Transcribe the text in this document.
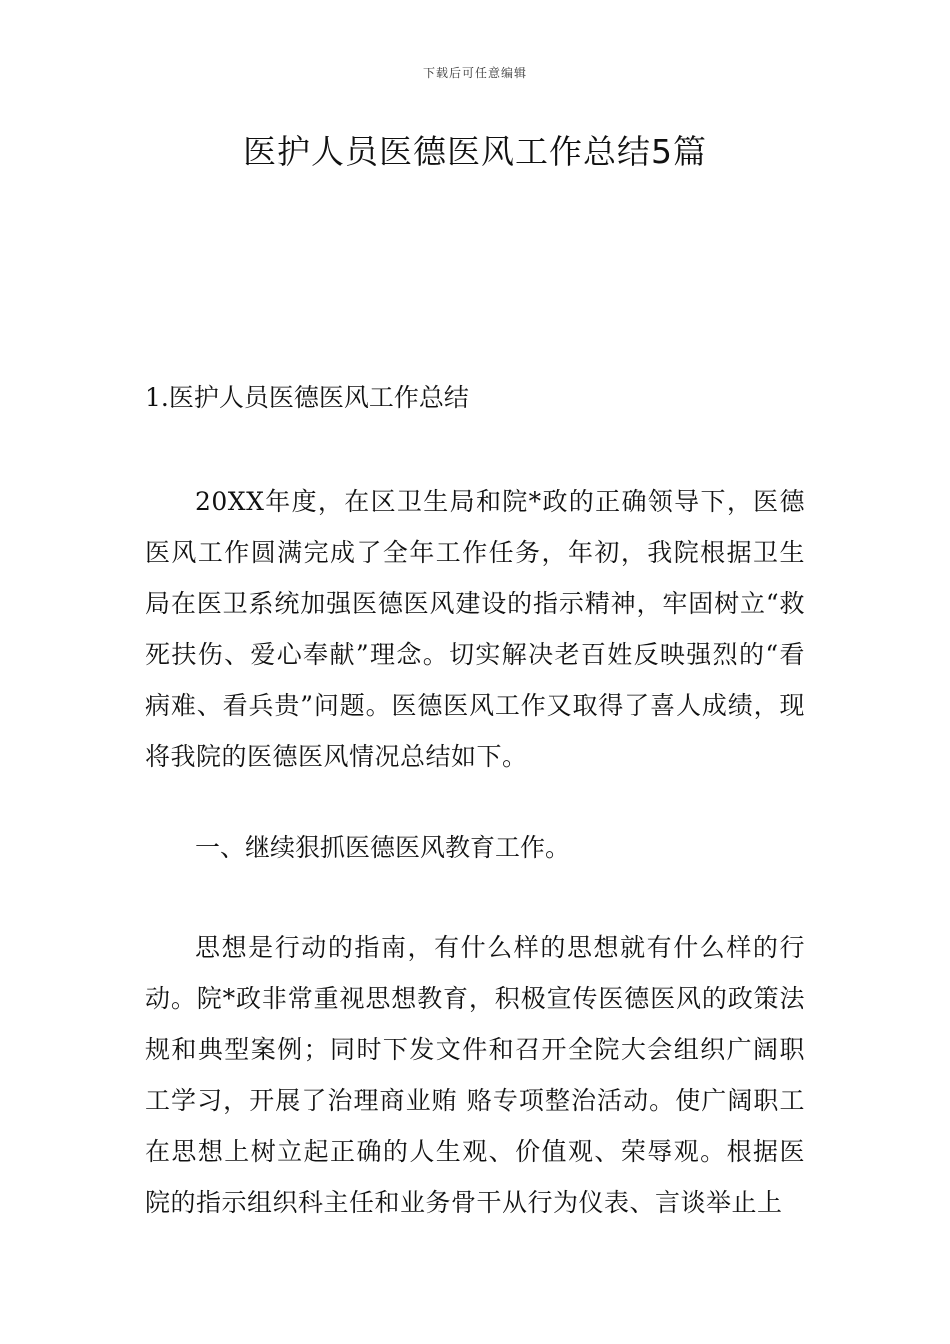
下载后可任意编辑
医护人员医德医风工作总结5篇

1.医护人员医德医风工作总结

20XX年度，在区卫生局和院*政的正确领导下，医德医风工作圆满完成了全年工作任务，年初，我院根据卫生局在医卫系统加强医德医风建设的指示精神，牢固树立“救死扶伤、爱心奉献”理念。切实解决老百姓反映强烈的“看病难、看兵贵”问题。医德医风工作又取得了喜人成绩，现将我院的医德医风情况总结如下。

一、继续狠抓医德医风教育工作。

思想是行动的指南，有什么样的思想就有什么样的行动。院*政非常重视思想教育，积极宣传医德医风的政策法规和典型案例；同时下发文件和召开全院大会组织广阔职工学习，开展了治理商业贿 赂专项整治活动。使广阔职工在思想上树立起正确的人生观、价值观、荣辱观。根据医院的指示组织科主任和业务骨干从行为仪表、言谈举止上
